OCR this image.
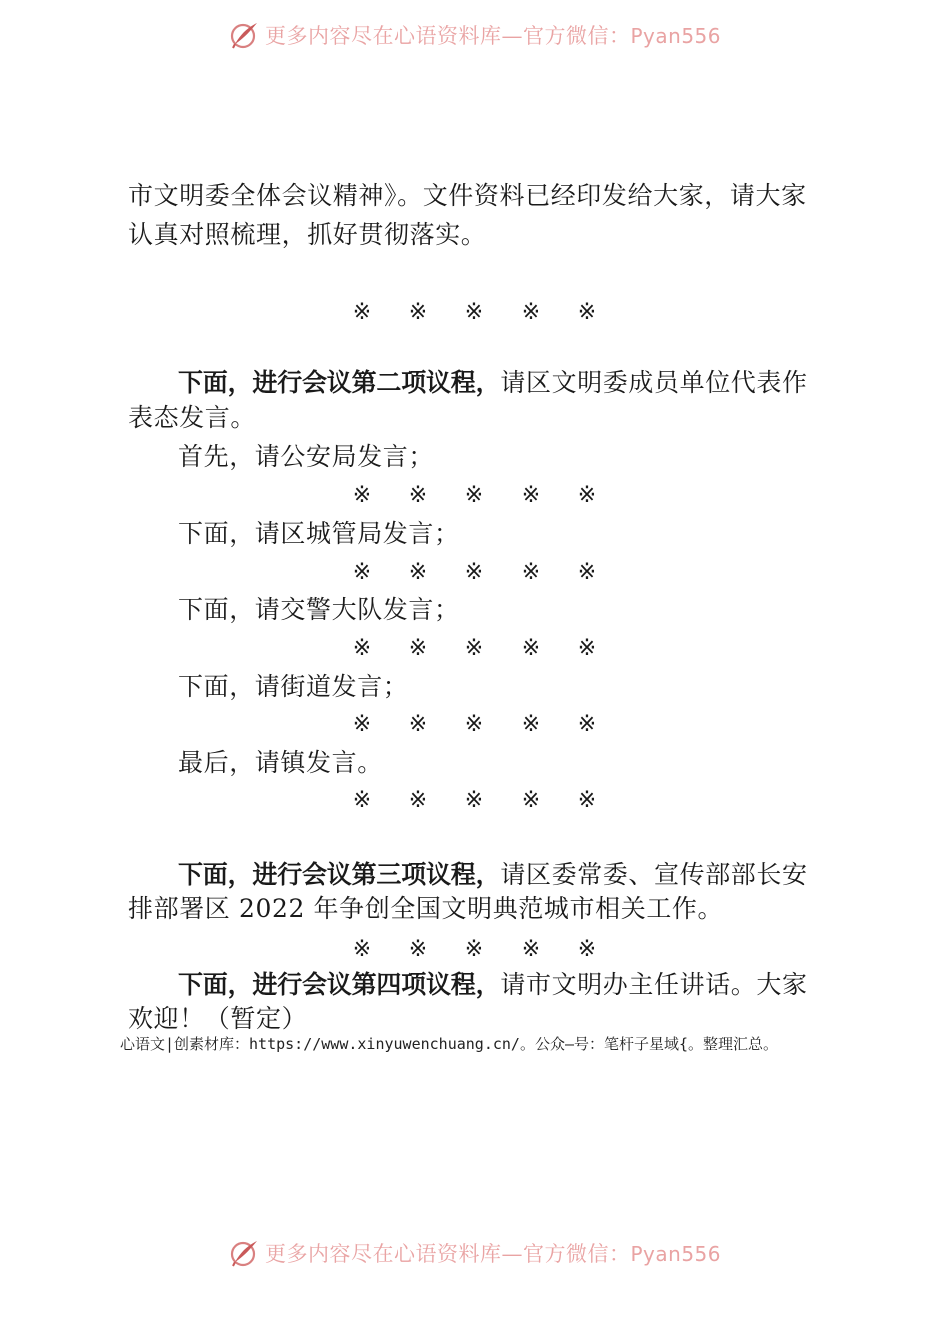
更多内容尽在心语资料库—官方微信：Pyan556
市文明委全体会议精神》。文件资料已经印发给大家，请大家
认真对照梳理，抓好贯彻落实。
※ ※ ※ ※ ※
下面，进行会议第二项议程，请区文明委成员单位代表作
表态发言。
首先，请公安局发言；
※ ※ ※ ※ ※
下面，请区城管局发言；
※ ※ ※ ※ ※
下面，请交警大队发言；
※ ※ ※ ※ ※
下面，请街道发言；
※ ※ ※ ※ ※
最后，请镇发言。
※ ※ ※ ※ ※
下面，进行会议第三项议程，请区委常委、宣传部部长安
排部署区 2022 年争创全国文明典范城市相关工作。
※ ※ ※ ※ ※
下面，进行会议第四项议程，请市文明办主任讲话。大家
欢迎！（暂定）
心语文|创素材库：https://www.xinyuwenchuang.cn/。公众—号：笔杆子星域{。整理汇总。
更多内容尽在心语资料库—官方微信：Pyan556
